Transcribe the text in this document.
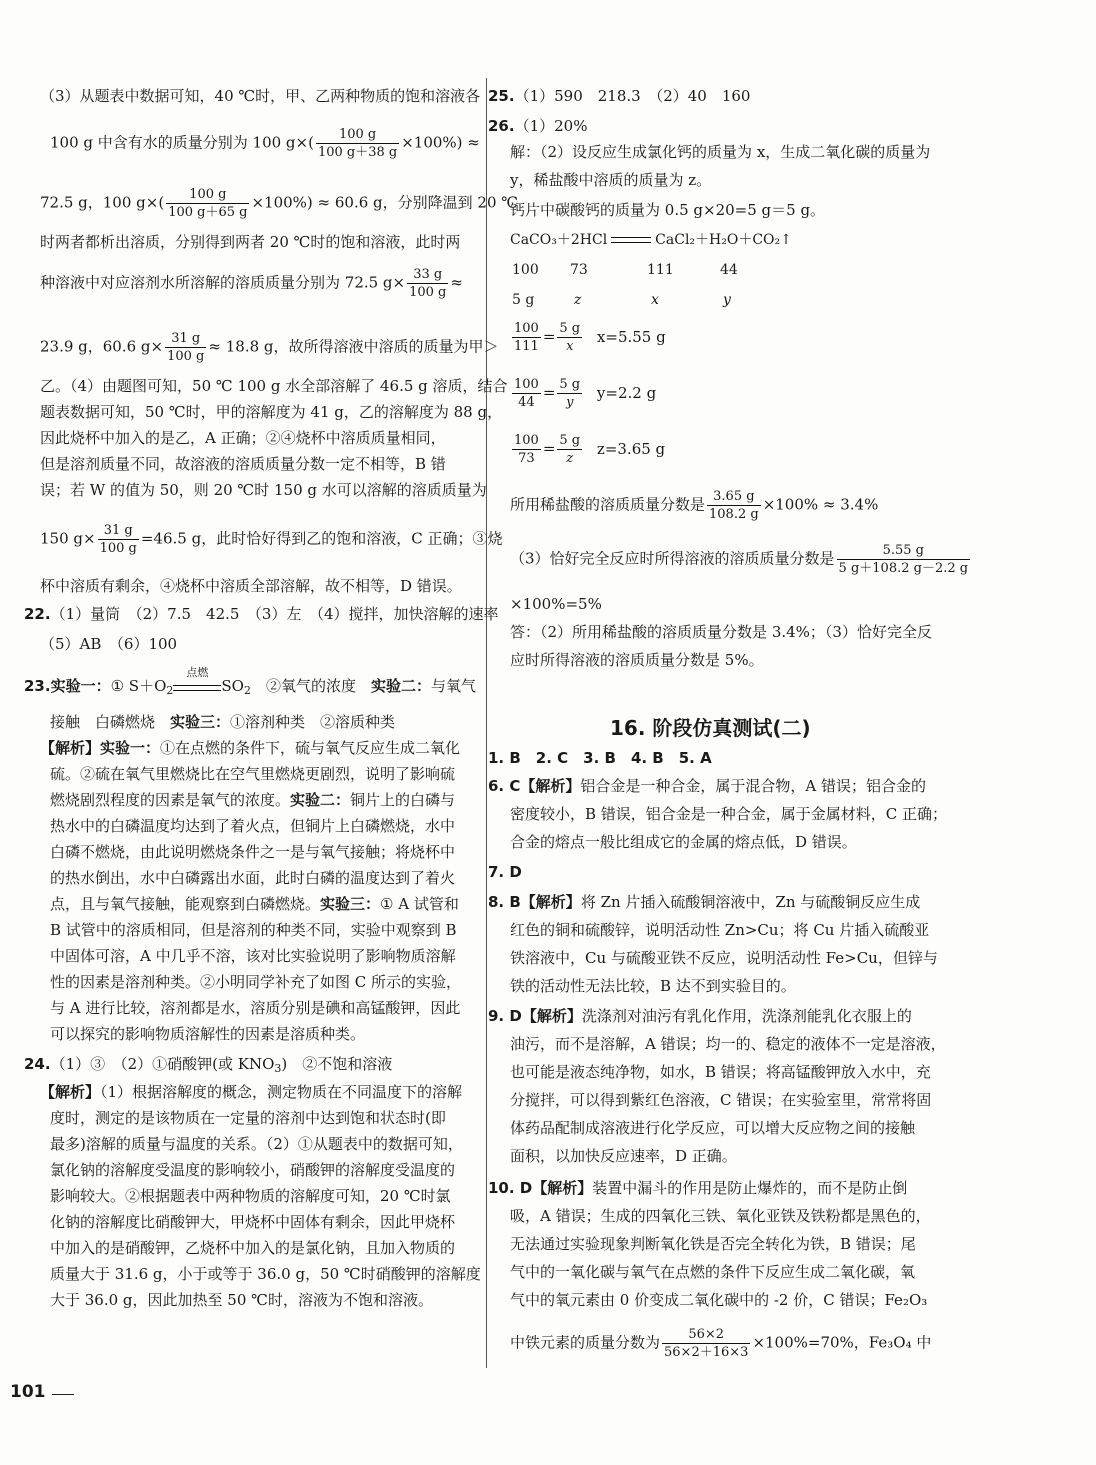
（3）从题表中数据可知，40 ℃时，甲、乙两种物质的饱和溶液各
100 g 中含有水的质量分别为 100 $g\times( \frac{100 g}{100 g+38 g} \times 100\%)$ ≈
72.5 g，100 $g\times( \frac{100 g}{100 g+65 g} \times 100\%) \approx 60.6$ g，分别降温到 20 ℃
时两者都析出溶质，分别得到两者 20 ℃时的饱和溶液，此时两
种溶液中对应溶剂水所溶解的溶质质量分别为 72.5 $g\times \frac{33 g}{100 g}$ ≈
23.9 g，60.6 $g\times \frac{31 g}{100 g} \approx 18.8$ g，故所得溶液中溶质的质量为甲＞
乙。（4）由题图可知，50 ℃ 100 g 水全部溶解了 46.5 g 溶质，结合
题表数据可知，50 ℃时，甲的溶解度为 41 g，乙的溶解度为 88 g，
因此烧杯中加入的是乙，A 正确；②④烧杯中溶质质量相同，
但是溶剂质量不同，故溶液的溶质质量分数一定不相等，B 错
误；若 W 的值为 50，则 20 ℃时 150 g 水可以溶解的溶质质量为
150 $g\times \frac{31 g}{100 g} =46.5$ g，此时恰好得到乙的饱和溶液，C 正确；③烧
杯中溶质有剩余，④烧杯中溶质全部溶解，故不相等，D 错误。
22.（1）量筒　（2）7.5　42.5　（3）左　（4）搅拌，加快溶解的速率
（5）AB　（6）100
23.实验一：① $S+O_2$
点燃
$SO_2$　②氧气的浓度　实验二：与氧气
接触　白磷燃烧　实验三：①溶剂种类　②溶质种类
【解析】实验一：①在点燃的条件下，硫与氧气反应生成二氧化
硫。②硫在氧气里燃烧比在空气里燃烧更剧烈，说明了影响硫
燃烧剧烈程度的因素是氧气的浓度。实验二：铜片上的白磷与
热水中的白磷温度均达到了着火点，但铜片上白磷燃烧，水中
白磷不燃烧，由此说明燃烧条件之一是与氧气接触；将烧杯中
的热水倒出，水中白磷露出水面，此时白磷的温度达到了着火
点，且与氧气接触，能观察到白磷燃烧。实验三：① A 试管和
B 试管中的溶质相同，但是溶剂的种类不同，实验中观察到 B
中固体可溶，A 中几乎不溶，该对比实验说明了影响物质溶解
性的因素是溶剂种类。②小明同学补充了如图 C 所示的实验，
与 A 进行比较，溶剂都是水，溶质分别是碘和高锰酸钾，因此
可以探究的影响物质溶解性的因素是溶质种类。
24.（1）③　（2）①硝酸钾(或 $KNO_3$)　②不饱和溶液
【解析】（1）根据溶解度的概念，测定物质在不同温度下的溶解
度时，测定的是该物质在一定量的溶剂中达到饱和状态时(即
最多)溶解的质量与温度的关系。（2）①从题表中的数据可知，
氯化钠的溶解度受温度的影响较小，硝酸钾的溶解度受温度的
影响较大。②根据题表中两种物质的溶解度可知，20 ℃时氯
化钠的溶解度比硝酸钾大，甲烧杯中固体有剩余，因此甲烧杯
中加入的是硝酸钾，乙烧杯中加入的是氯化钠，且加入物质的
质量大于 31.6 g，小于或等于 36.0 g，50 ℃时硝酸钾的溶解度
大于 36.0 g，因此加热至 50 ℃时，溶液为不饱和溶液。
25.（1）590　218.3　（2）40　160
26.（1）20%
解：（2）设反应生成氯化钙的质量为 x，生成二氧化碳的质量为
y，稀盐酸中溶质的质量为 z。
钙片中碳酸钙的质量为 0.5 g×20=5 g＝5 g。
CaCO₃＋2HCl	CaCl₂＋H₂O＋CO₂↑
100 73	111	44
5 g	z	x	y
$\frac{100}{111} = \frac{5 g}{x} x=5.55$ g
$\frac{100}{44} = \frac{5 g}{y} y=2.2$ g
$\frac{100}{73} = \frac{5 g}{z} z=3.65$ g
所用稀盐酸的溶质质量分数是 $\frac{3.65 g}{108.2 g} \times 100\% \approx 3.4\%$
（3）恰好完全反应时所得溶液的溶质质量分数是 $\frac{5.55 g}{5 g+108.2 g-2.2 g}$
×100%=5%
答：（2）所用稀盐酸的溶质质量分数是 3.4%；（3）恰好完全反
应时所得溶液的溶质质量分数是 5%。
16. 阶段仿真测试(二)
1. B　2. C　3. B　4. B　5. A
6. C【解析】铝合金是一种合金，属于混合物，A 错误；铝合金的
密度较小，B 错误，铝合金是一种合金，属于金属材料，C 正确；
合金的熔点一般比组成它的金属的熔点低，D 错误。
7. D
8. B【解析】将 Zn 片插入硫酸铜溶液中，Zn 与硫酸铜反应生成
红色的铜和硫酸锌，说明活动性 Zn>Cu；将 Cu 片插入硫酸亚
铁溶液中，Cu 与硫酸亚铁不反应，说明活动性 Fe>Cu，但锌与
铁的活动性无法比较，B 达不到实验目的。
9. D【解析】洗涤剂对油污有乳化作用，洗涤剂能乳化衣服上的
油污，而不是溶解，A 错误；均一的、稳定的液体不一定是溶液，
也可能是液态纯净物，如水，B 错误；将高锰酸钾放入水中，充
分搅拌，可以得到紫红色溶液，C 错误；在实验室里，常常将固
体药品配制成溶液进行化学反应，可以增大反应物之间的接触
面积，以加快反应速率，D 正确。
10. D【解析】装置中漏斗的作用是防止爆炸的，而不是防止倒
吸，A 错误；生成的四氧化三铁、氧化亚铁及铁粉都是黑色的，
无法通过实验现象判断氧化铁是否完全转化为铁，B 错误；尾
气中的一氧化碳与氧气在点燃的条件下反应生成二氧化碳，氧
气中的氧元素由 0 价变成二氧化碳中的 -2 价，C 错误；Fe₂O₃
中铁元素的质量分数为 $\frac{56\times 2}{56\times 2+16\times 3} \times 100\%=70\%$，Fe₃O₄ 中
101
